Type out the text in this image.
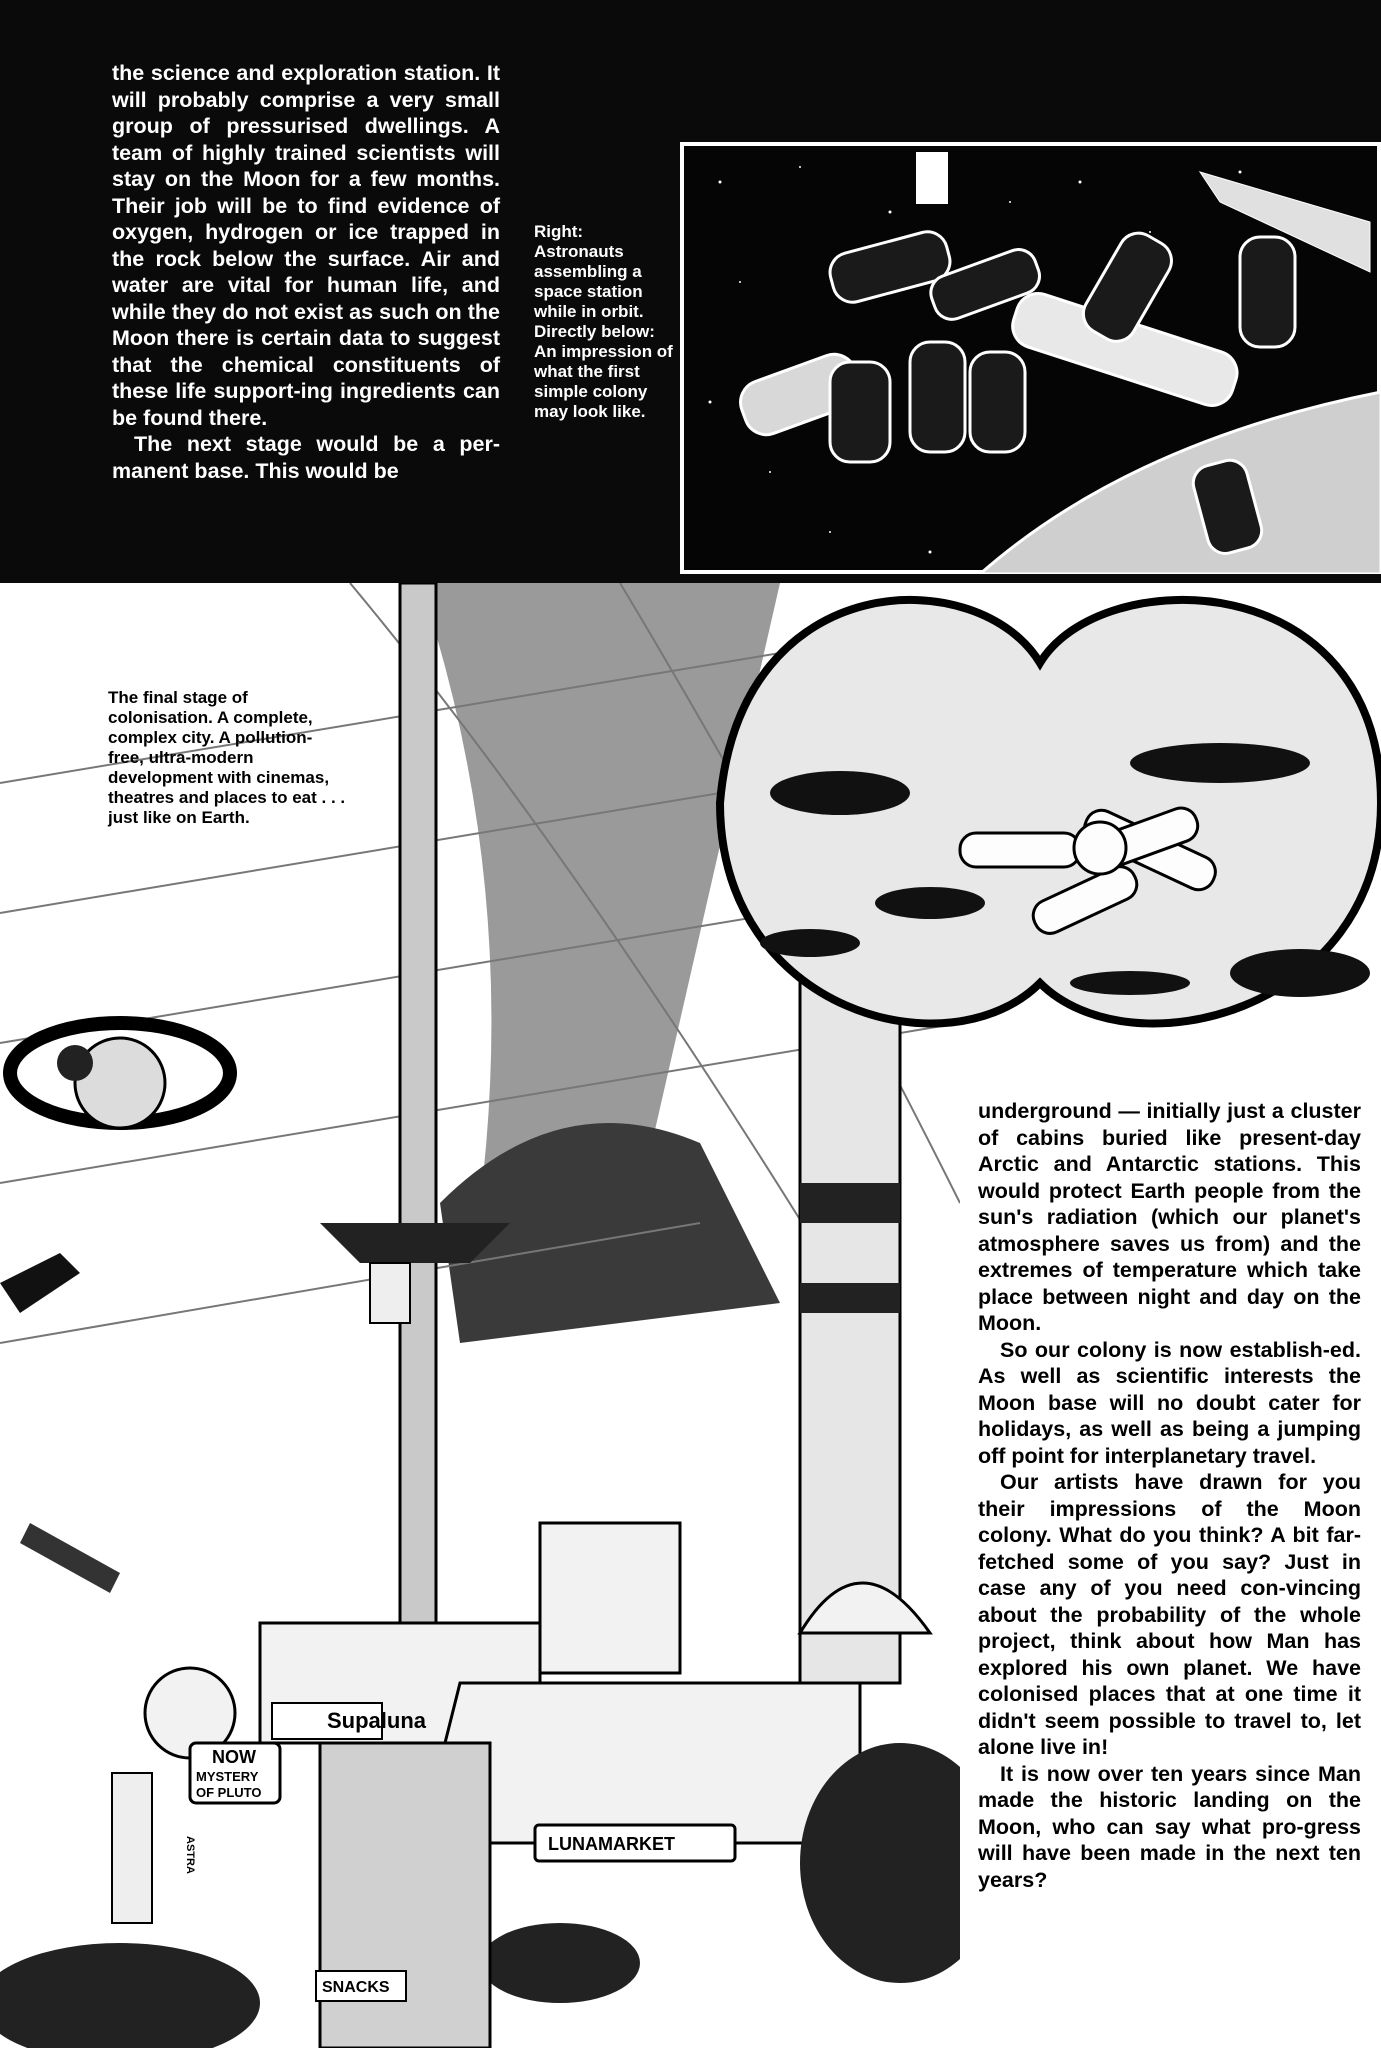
the science and exploration station. It will probably comprise a very small group of pressurised dwellings. A team of highly trained scientists will stay on the Moon for a few months. Their job will be to find evidence of oxygen, hydrogen or ice trapped in the rock below the surface. Air and water are vital for human life, and while they do not exist as such on the Moon there is certain data to suggest that the chemical constituents of these life support-ing ingredients can be found there.

The next stage would be a per-manent base. This would be

Right: Astronauts assembling a space station while in orbit. Directly below: An impression of what the first simple colony may look like.

Supaluna
NOW
MYSTERY
OF PLUTO
LUNAMARKET
SNACKS
ASTRA

The final stage of colonisation. A complete, complex city. A pollution-free, ultra-modern development with cinemas, theatres and places to eat . . . just like on Earth.

underground — initially just a cluster of cabins buried like present-day Arctic and Antarctic stations. This would protect Earth people from the sun's radiation (which our planet's atmosphere saves us from) and the extremes of temperature which take place between night and day on the Moon.

So our colony is now establish-ed. As well as scientific interests the Moon base will no doubt cater for holidays, as well as being a jumping off point for interplanetary travel.

Our artists have drawn for you their impressions of the Moon colony. What do you think? A bit far-fetched some of you say? Just in case any of you need con-vincing about the probability of the whole project, think about how Man has explored his own planet. We have colonised places that at one time it didn't seem possible to travel to, let alone live in!

It is now over ten years since Man made the historic landing on the Moon, who can say what pro-gress will have been made in the next ten years?
